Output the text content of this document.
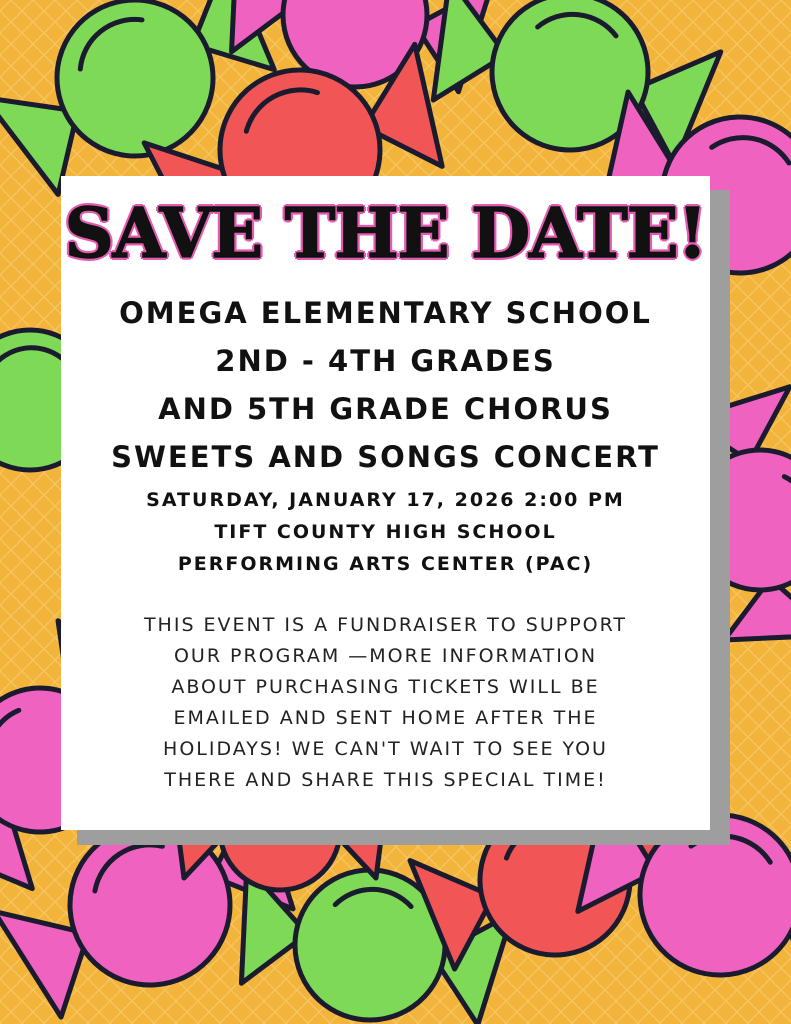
SAVE THE DATE!
OMEGA ELEMENTARY SCHOOL
2ND - 4TH GRADES
AND 5TH GRADE CHORUS
SWEETS AND SONGS CONCERT
SATURDAY, JANUARY 17, 2026 2:00 PM
TIFT COUNTY HIGH SCHOOL
PERFORMING ARTS CENTER (PAC)
THIS EVENT IS A FUNDRAISER TO SUPPORT
OUR PROGRAM —MORE INFORMATION
ABOUT PURCHASING TICKETS WILL BE
EMAILED AND SENT HOME AFTER THE
HOLIDAYS! WE CAN'T WAIT TO SEE YOU
THERE AND SHARE THIS SPECIAL TIME!
